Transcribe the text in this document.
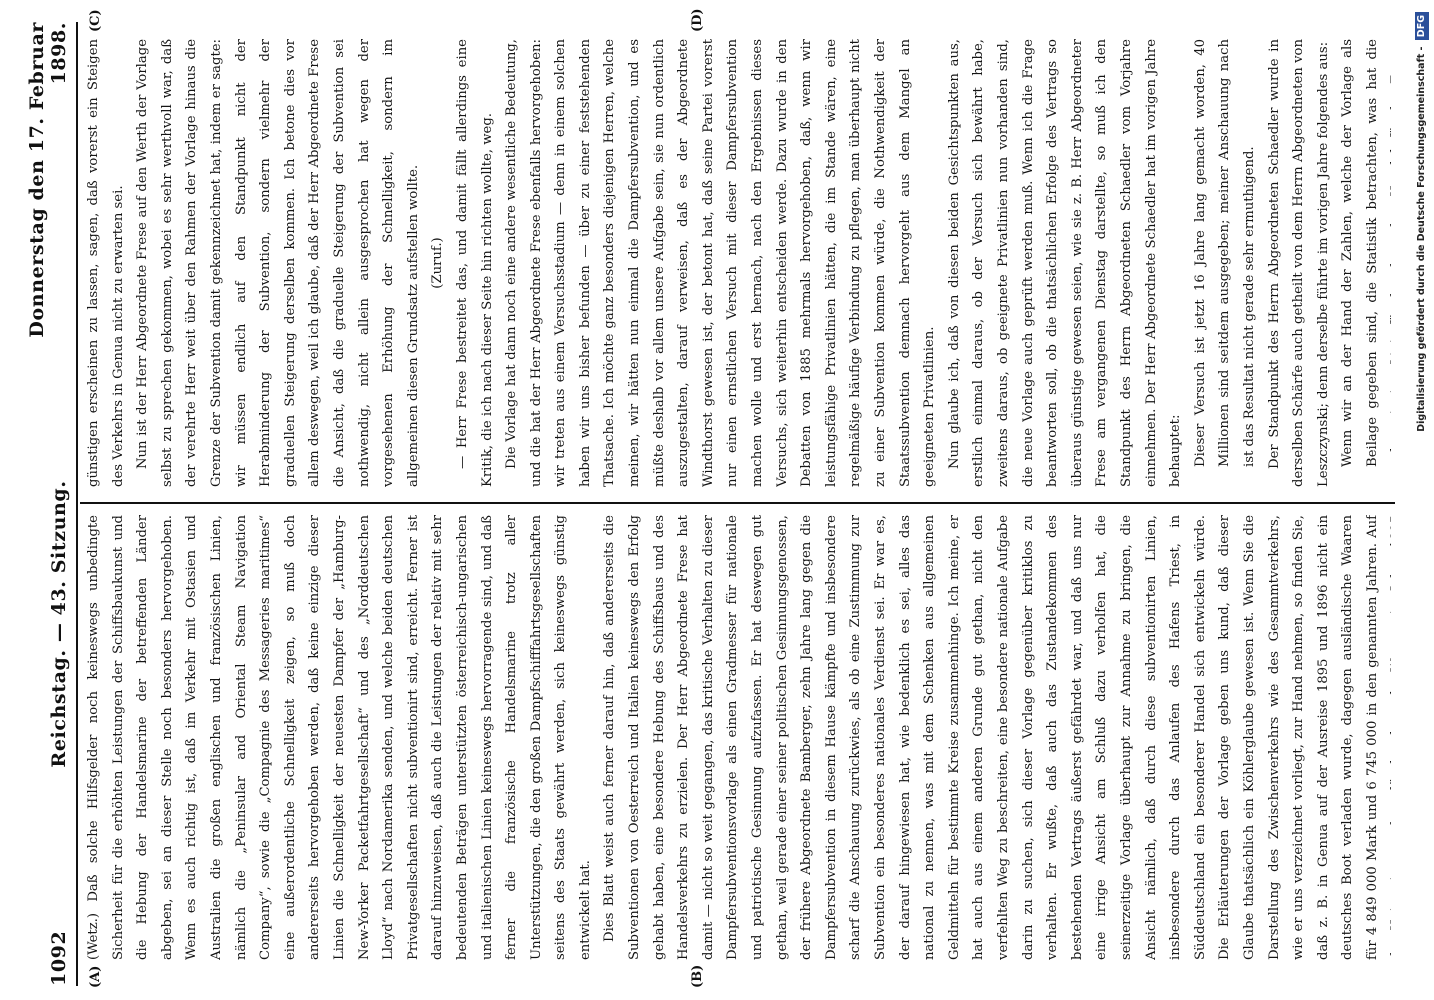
1092
Reichstag. — 43. Sitzung.
Donnerstag den 17. Februar 1898.
(A)	(B)
(C)	(D)

(Wetz.) Daß solche Hilfsgelder noch keineswegs unbedingte Sicherheit für die erhöhten Leistungen der Schiffsbaukunst und die Hebung der Handelsmarine der betreffenden Länder abgeben, sei an dieser Stelle noch besonders hervorgehoben. Wenn es auch richtig ist, daß im Verkehr mit Ostasien und Australien die großen englischen und französischen Linien, nämlich die „Peninsular and Oriental Steam Navigation Company“, sowie die „Compagnie des Messageries maritimes“ eine außerordentliche Schnelligkeit zeigen, so muß doch andererseits hervorgehoben werden, daß keine einzige dieser Linien die Schnelligkeit der neuesten Dampfer der „Hamburg-New-Yorker Packetfahrtgesellschaft“ und des „Norddeutschen Lloyd“ nach Nordamerika senden, und welche beiden deutschen Privatgesellschaften nicht subventionirt sind, erreicht. Ferner ist darauf hinzuweisen, daß auch die Leistungen der relativ mit sehr bedeutenden Beträgen unterstützten österreichisch-ungarischen und italienischen Linien keineswegs hervorragende sind, und daß ferner die französische Handelsmarine trotz aller Unterstützungen, die den großen Dampfschifffahrtsgesellschaften seitens des Staats gewährt werden, sich keineswegs günstig entwickelt hat. Dies Blatt weist auch ferner darauf hin, daß andererseits die Subventionen von Oesterreich und Italien keineswegs den Erfolg gehabt haben, eine besondere Hebung des Schiffsbaus und des Handelsverkehrs zu erzielen. Der Herr Abgeordnete Frese hat damit — nicht so weit gegangen, das kritische Verhalten zu dieser Dampfersubventionsvorlage als einen Gradmesser für nationale und patriotische Gesinnung aufzufassen. Er hat deswegen gut gethan, weil gerade einer seiner politischen Gesinnungsgenossen, der frühere Abgeordnete Bamberger, zehn Jahre lang gegen die Dampfersubvention in diesem Hause kämpfte und insbesondere scharf die Anschauung zurückwies, als ob eine Zustimmung zur Subvention ein besonderes nationales Verdienst sei. Er war es, der darauf hingewiesen hat, wie bedenklich es sei, alles das national zu nennen, was mit dem Schenken aus allgemeinen Geldmitteln für bestimmte Kreise zusammenhinge. Ich meine, er hat auch aus einem anderen Grunde gut gethan, nicht den verfehlten Weg zu beschreiten, eine besondere nationale Aufgabe darin zu suchen, sich dieser Vorlage gegenüber kritiklos zu verhalten. Er wußte, daß auch das Zustandekommen des bestehenden Vertrags äußerst gefährdet war, und daß uns nur eine irrige Ansicht am Schluß dazu verholfen hat, die seinerzeitige Vorlage überhaupt zur Annahme zu bringen, die Ansicht nämlich, daß durch diese subventionirten Linien, insbesondere durch das Anlaufen des Hafens Triest, in Süddeutschland ein besonderer Handel sich entwickeln würde. Die Erläuterungen der Vorlage geben uns kund, daß dieser Glaube thatsächlich ein Köhlerglaube gewesen ist. Wenn Sie die Darstellung des Zwischenverkehrs wie des Gesammtverkehrs, wie er uns verzeichnet vorliegt, zur Hand nehmen, so finden Sie, daß z. B. in Genua auf der Ausreise 1895 und 1896 nicht ein deutsches Boot verladen wurde, dagegen ausländische Waaren für 4 849 000 Mark und 6 745 000 in den genannten Jahren. Auf

günstigen erscheinen zu lassen, sagen, daß vorerst ein Steigen des Verkehrs in Genua nicht zu erwarten sei. Nun ist der Herr Abgeordnete Frese auf den Werth der Vorlage selbst zu sprechen gekommen, wobei es sehr werthvoll war, daß der verehrte Herr weit über den Rahmen der Vorlage hinaus die Grenze der Subvention damit gekennzeichnet hat, indem er sagte: wir müssen endlich auf den Standpunkt nicht der Herabminderung der Subvention, sondern vielmehr der graduellen Steigerung derselben kommen. Ich betone dies vor allem deswegen, weil ich glaube, daß der Herr Abgeordnete Frese die Ansicht, daß die graduelle Steigerung der Subvention sei nothwendig, nicht allein ausgesprochen hat wegen der vorgesehenen Erhöhung der Schnelligkeit, sondern im allgemeinen diesen Grundsatz aufstellen wollte. (Zuruf.) — Herr Frese bestreitet das, und damit fällt allerdings eine Kritik, die ich nach dieser Seite hin richten wollte, weg. Die Vorlage hat dann noch eine andere wesentliche Bedeutung, und die hat der Herr Abgeordnete Frese ebenfalls hervorgehoben: wir treten aus einem Versuchsstadium — denn in einem solchen haben wir uns bisher befunden — über zu einer feststehenden Thatsache. Ich möchte ganz besonders diejenigen Herren, welche meinen, wir hätten nun einmal die Dampfersubvention, und es müßte deshalb vor allem unsere Aufgabe sein, sie nun ordentlich auszugestalten, darauf verweisen, daß es der Abgeordnete Windthorst gewesen ist, der betont hat, daß seine Partei vorerst nur einen ernstlichen Versuch mit dieser Dampfersubvention machen wolle und erst hernach, nach den Ergebnissen dieses Versuchs, sich weiterhin entscheiden werde. Dazu wurde in den Debatten von 1885 mehrmals hervorgehoben, daß, wenn wir leistungsfähige Privatlinien hätten, die im Stande wären, eine regelmäßige häufige Verbindung zu pflegen, man überhaupt nicht zu einer Subvention kommen würde, die Nothwendigkeit der Staatssubvention demnach hervorgeht aus dem Mangel an geeigneten Privatlinien. Nun glaube ich, daß von diesen beiden Gesichtspunkten aus, erstlich einmal daraus, ob der Versuch sich bewährt habe, zweitens daraus, ob geeignete Privatlinien nun vorhanden sind, die neue Vorlage auch geprüft werden muß. Wenn ich die Frage beantworten soll, ob die thatsächlichen Erfolge des Vertrags so überaus günstige gewesen seien, wie sie z. B. Herr Abgeordneter Frese am vergangenen Dienstag darstellte, so muß ich den Standpunkt des Herrn Abgeordneten Schaedler vom Vorjahre einnehmen. Der Herr Abgeordnete Schaedler hat im vorigen Jahre behauptet: Dieser Versuch ist jetzt 16 Jahre lang gemacht worden, 40 Millionen sind seitdem ausgegeben; meiner Anschauung nach ist das Resultat nicht gerade sehr ermuthigend. Der Standpunkt des Herrn Abgeordneten Schaedler wurde in derselben Schärfe auch getheilt von dem Herrn Abgeordneten von Leszczynski; denn derselbe führte im vorigen Jahre folgendes aus: Wenn wir an der Hand der Zahlen, welche der Vorlage als Beilage gegeben sind, die Statistik betrachten, was hat die	Digitalisierung gefördert durch die Deutsche Forschungsgemeinschaft - DFG
